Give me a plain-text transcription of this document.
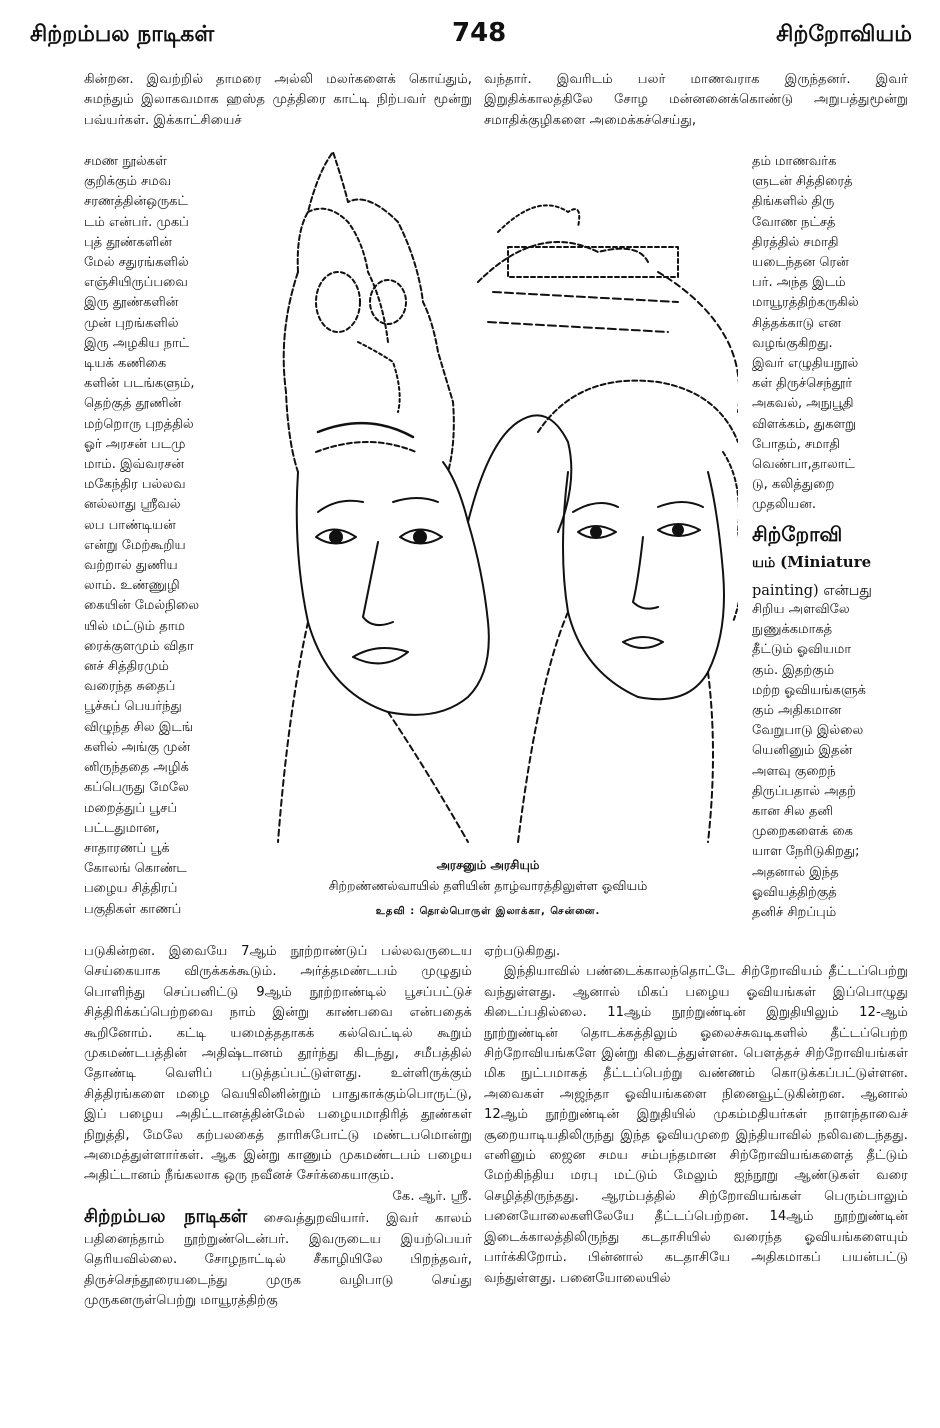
சிற்றம்பல நாடிகள்	748	சிற்றோவியம்

கின்றன. இவற்றில் தாமரை அல்லி மலர்களைக் கொய்தும், சுமந்தும் இலாகவமாக ஹஸ்த முத்திரை காட்டி நிற்பவர் மூன்று பவ்யர்கள். இக்காட்சியைச்

வந்தார். இவரிடம் பலர் மாணவராக இருந்தனர். இவர் இறுதிக்காலத்திலே சோழ மன்னனைக்கொண்டு அறுபத்துமூன்று சமாதிக்குழிகளை அமைக்கச்செய்து,

சமண நூல்கள்
குறிக்கும் சமவ
சரணத்தின்ஒருகட்
டம் என்பர். முகப்
புத் தூண்களின்
மேல் சதுரங்களில்
எஞ்சியிருப்பவை
இரு தூண்களின்
முன் புறங்களில்
இரு அழகிய நாட்
டியக் கணிகை
களின் படங்களும்,
தெற்குத் தூணின்
மற்றொரு புறத்தில்
ஓர் அரசன் படமு
மாம். இவ்வரசன்
மகேந்திர பல்லவ
னல்லாது ஸ்ரீவல்
லப பாண்டியன்
என்று மேற்கூறிய
வற்றால் துணிய
லாம். உண்ணுழி
கையின் மேல்நிலை
யில் மட்டும் தாம
ரைக்குளமும் விதா
னச் சித்திரமும்
வரைந்த சுதைப்
பூச்சுப் பெயர்ந்து
விழுந்த சில இடங்
களில் அங்கு முன்
னிருந்ததை அழிக்
கப்பெருது மேலே
மறைத்துப் பூசப்
பட்டதுமான,
சாதாரணப் பூக்
கோலங் கொண்ட
பழைய சித்திரப்
பகுதிகள் காணப்
அரசனும் அரசியும்
சிற்றண்ணல்வாயில் தளியின் தாழ்வாரத்திலுள்ள ஓவியம்
உதவி : தொல்பொருள் இலாக்கா, சென்னை.
தம் மாணவர்க
ளுடன் சித்திரைத்
திங்களில் திரு
வோண நட்சத்
திரத்தில் சமாதி
யடைந்தன ரென்
பர். அந்த இடம்
மாயூரத்திற்கருகில்
சித்தக்காடு என
வழங்குகிறது.
இவர் எழுதியநூல்
கள் திருச்செந்தூர்
அகவல், அநுபூதி
விளக்கம், துகளறு
போதம், சமாதி
வெண்பா,தாலாட்
டு, கலித்துறை
முதலியன.
சிற்றோவி
யம் (Miniature
painting) என்பது
சிறிய அளவிலே
நுணுக்கமாகத்
தீட்டும் ஓவியமா
கும். இதற்கும்
மற்ற ஓவியங்களுக்
கும் அதிகமான
வேறுபாடு இல்லை
யெனினும் இதன்
அளவு குறைந்
திருப்பதால் அதற்
கான சில தனி
முறைகளைக் கை
யாள நேரிடுகிறது;
அதனால் இந்த
ஓவியத்திற்குத்
தனிச் சிறப்பும்

படுகின்றன. இவையே 7ஆம் நூற்றாண்டுப் பல்லவருடைய செய்கையாக விருக்கக்கூடும். அர்த்தமண்டபம் முழுதும் பொளிந்து செப்பனிட்டு 9ஆம் நூற்றாண்டில் பூசப்பட்டுச் சித்திரிக்கப்பெற்றவை நாம் இன்று காண்பவை என்பதைக் கூறினோம். கட்டி யமைத்ததாகக் கல்வெட்டில் கூறும் முகமண்டபத்தின் அதிஷ்டானம் தூர்ந்து கிடந்து, சமீபத்தில் தோண்டி வெளிப் படுத்தப்பட்டுள்ளது. உள்ளிருக்கும் சித்திரங்களை மழை வெயிலினின்றும் பாதுகாக்கும்பொருட்டு, இப் பழைய அதிட்டானத்தின்மேல் பழையமாதிரித் தூண்கள் நிறுத்தி, மேலே கற்பலகைத் தாரிசுபோட்டு மண்டபமொன்று அமைத்துள்ளார்கள். ஆக இன்று காணும் முகமண்டபம் பழைய அதிட்டானம் நீங்கலாக ஒரு நவீனச் சேர்க்கையாகும்.

கே. ஆர். ஸ்ரீ.

சிற்றம்பல நாடிகள் சைவத்துறவியார். இவர் காலம் பதினைந்தாம் நூற்றுண்டென்பர். இவருடைய இயற்பெயர் தெரியவில்லை. சோழநாட்டில் சீகாழியிலே பிறந்தவர், திருச்செந்தூரையடைந்து முருக வழிபாடு செய்து முருகனருள்பெற்று மாயூரத்திற்கு

ஏற்படுகிறது.

இந்தியாவில் பண்டைக்காலந்தொட்டே சிற்றோவியம் தீட்டப்பெற்று வந்துள்ளது. ஆனால் மிகப் பழைய ஓவியங்கள் இப்பொழுது கிடைப்பதில்லை. 11ஆம் நூற்றுண்டின் இறுதியிலும் 12-ஆம் நூற்றுண்டின் தொடக்கத்திலும் ஓலைச்சுவடிகளில் தீட்டப்பெற்ற சிற்றோவியங்களே இன்று கிடைத்துள்ளன. பௌத்தச் சிற்றோவியங்கள் மிக நுட்பமாகத் தீட்டப்பெற்று வண்ணம் கொடுக்கப்பட்டுள்ளன. அவைகள் அஜந்தா ஓவியங்களை நினைவூட்டுகின்றன. ஆனால் 12ஆம் நூற்றுண்டின் இறுதியில் முகம்மதியர்கள் நாளந்தாவைச் சூறையாடியதிலிருந்து இந்த ஓவியமுறை இந்தியாவில் நலிவடைந்தது. எனினும் ஜைன சமய சம்பந்தமான சிற்றோவியங்களைத் தீட்டும் மேற்கிந்திய மரபு மட்டும் மேலும் ஐந்நூறு ஆண்டுகள் வரை செழித்திருந்தது. ஆரம்பத்தில் சிற்றோவியங்கள் பெரும்பாலும் பனையோலைகளிலேயே தீட்டப்பெற்றன. 14ஆம் நூற்றுண்டின் இடைக்காலத்திலிருந்து கடதாசியில் வரைந்த ஓவியங்களையும் பார்க்கிறோம். பின்னால் கடதாசியே அதிகமாகப் பயன்பட்டு வந்துள்ளது. பனையோலையில்
